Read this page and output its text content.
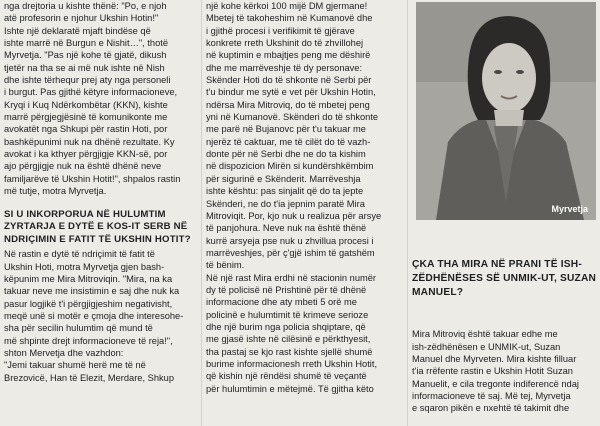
nga drejtoria u kishte thënë: "Po, e njoh

atë profesorin e njohur Ukshin Hotin!"

Ishte një deklaratë mjaft bindëse që

ishte marrë në Burgun e Nishit…", thotë

Myrvetja. "Pas një kohe të gjatë, dikush

tjetër na tha se ai më nuk ishte në Nish

dhe ishte tërhequr prej aty nga personeli

i burgut. Pas gjithë këtyre informacioneve,

Kryqi i Kuq Ndërkombëtar (KKN), kishte

marrë përgjegjësinë të komunikonte me

avokatët nga Shkupi për rastin Hoti, por

bashkëpunimi nuk na dhënë rezultate. Ky

avokat i ka kthyer përgjigje KKN-së, por

ajo përgjigje nuk na është dhënë neve

familjarëve të Ukshin Hotit!", shpalos rastin

më tutje, motra Myrvetja.

SI U INKORPORUA NË HULUMTIM

ZYRTARJA E DYTË E KOS-IT SERB NË

NDRIÇIMIN E FATIT TË UKSHIN HOTIT?

Në rastin e dytë të ndriçimit të fatit të

Ukshin Hoti, motra Myrvetja gjen bash-

këpunim me Mira Mitroviqin. "Mira, na ka

takuar neve me insistimin e saj dhe nuk ka

pasur logjikë t'i përgjigjeshim negativisht,

meqë unë si motër e çmoja dhe interesohe-

sha për secilin hulumtim që mund të

më shpinte drejt informacioneve të reja!",

shton Mervetja dhe vazhdon:

"Jemi takuar shumë herë me të në

Brezovicë, Han të Elezit, Merdare, Shkup

një kohe kërkoi 100 mijë DM gjermane!

Mbetej të takoheshim në Kumanovë dhe

i gjithë procesi i verifikimit të gjërave

konkrete rreth Ukshinit do të zhvillohej

në kuptimin e mbajtjes peng me dëshirë

dhe me marrëveshje të dy personave:

Skënder Hoti do të shkonte në Serbi për

t'u bindur me sytë e vet për Ukshin Hotin,

ndërsa Mira Mitroviq, do të mbetej peng

yni në Kumanovë. Skënderi do të shkonte

me parë në Bujanovc për t'u takuar me

njerëz të caktuar, me të cilët do të vazh-

donte për në Serbi dhe ne do ta kishim

në dispozicion Mirën si kundërshkëmbim

për sigurinë e Skënderit. Marrëveshja

ishte kështu: pas sinjalit që do ta jepte

Skënderi, ne do t'ia jepnim paratë Mira

Mitroviqit. Por, kjo nuk u realizua për arsye

të panjohura. Neve nuk na është thënë

kurrë arsyeja pse nuk u zhvillua procesi i

marrëveshjes, për ç'gjë ishim të gatshëm

të bënim.

Në një rast Mira erdhi në stacionin numër

dy të policisë në Prishtinë për të dhënë

informacione dhe aty mbeti 5 orë me

policinë e hulumtimit të krimeve serioze

dhe një burim nga policia shqiptare, që

me gjasë ishte në cilësinë e përkthyesit,

tha pastaj se kjo rast kishte sjellë shumë

burime informacionesh rreth Ukshin Hotit,

që kishin një rëndësi shumë të veçantë

për hulumtimin e mëtejmë. Të gjitha këto

Myrvetja

ÇKA THA MIRA NË PRANI TË ISH-

ZËDHËNËSES SË UNMIK-UT, SUZAN

MANUEL?

Mira Mitroviq është takuar edhe me

ish-zëdhënësen e UNMIK-ut, Suzan

Manuel dhe Myrveten. Mira kishte filluar

t'ia rrëfente rastin e Ukshin Hotit Suzan

Manuelit, e cila tregonte indiferencë ndaj

informacioneve të saj. Më tej, Myrvetja

e sqaron pikën e nxehtë të takimit dhe
